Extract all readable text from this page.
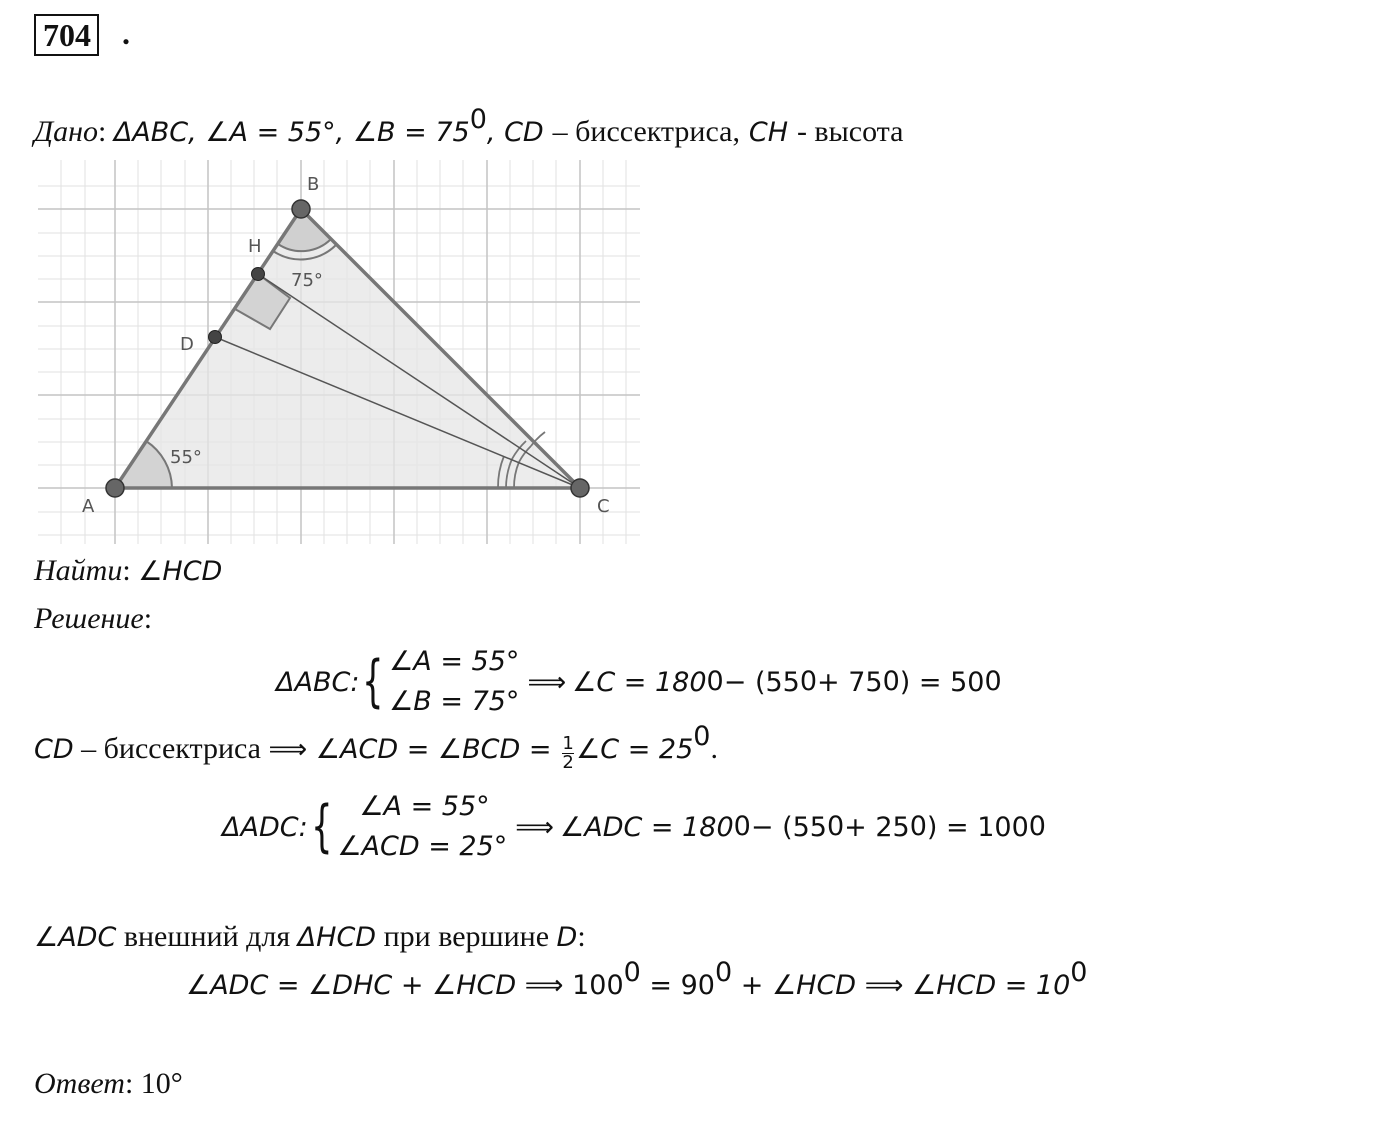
704 .
Дано: ΔABC, ∠A = 55°, ∠B = $75^0$, CD – биссектриса, CH - высота
A
B
C
D
H
55°
75°
Найти: ∠HCD
Решение:
ΔABC: { ∠A = 55°
∠B = 75°
⟹ ∠C = 180 0 − (55 0 + 75 0 ) = 50 0
CD – биссектриса ⟹ ∠ACD = ∠BCD = $\frac{1}{2}$ ∠C = $25^0$.
ΔADC: {	∠A = 55°
∠ACD = 25°
⟹ ∠ADC = 180 0 − (55 0 + 25 0 ) = 100 0
∠ADC внешний для ΔHCD при вершине D:
∠ADC = ∠DHC + ∠HCD ⟹ $100^0 = 90^0$ + ∠HCD ⟹ ∠HCD = $10^0$
Ответ: 10°
